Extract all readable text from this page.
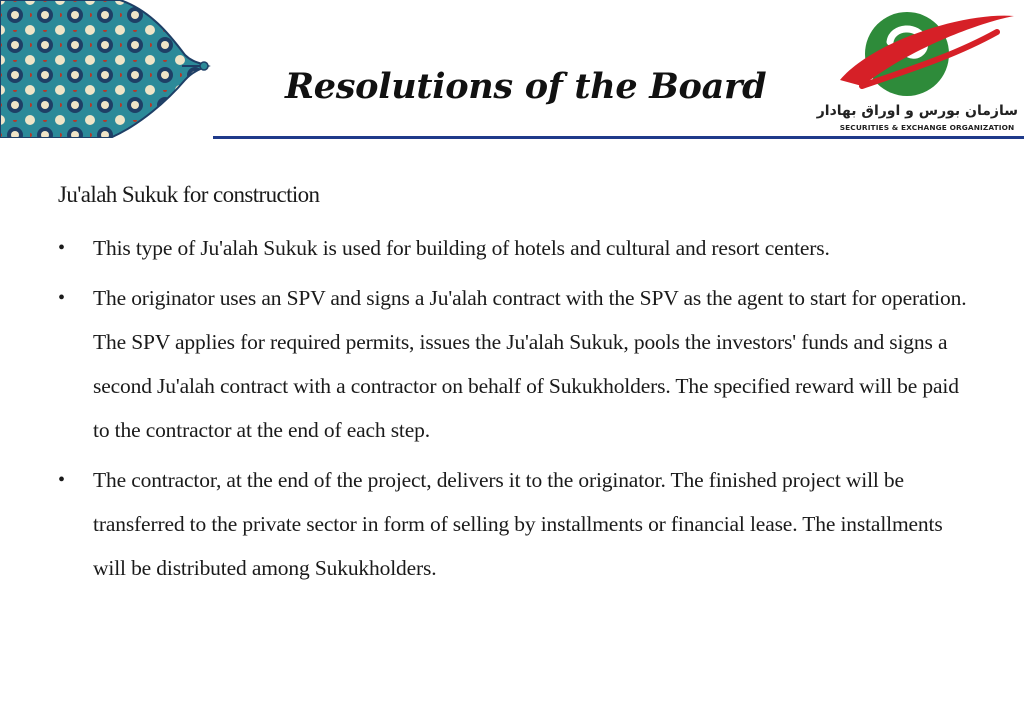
Resolutions of the Board
سازمان بورس و اوراق بهادار
SECURITIES & EXCHANGE ORGANIZATION
Ju'alah Sukuk for construction
• This type of Ju'alah Sukuk is used for building of hotels and cultural and resort centers.
• The originator uses an SPV and signs a Ju'alah contract with the SPV as the agent to start for operation. The SPV applies for required permits, issues the Ju'alah Sukuk, pools the investors' funds and signs a second Ju'alah contract with a contractor on behalf of Sukukholders. The specified reward will be paid to the contractor at the end of each step.
• The contractor, at the end of the project, delivers it to the originator. The finished project will be transferred to the private sector in form of selling by installments or financial lease. The installments will be distributed among Sukukholders.
